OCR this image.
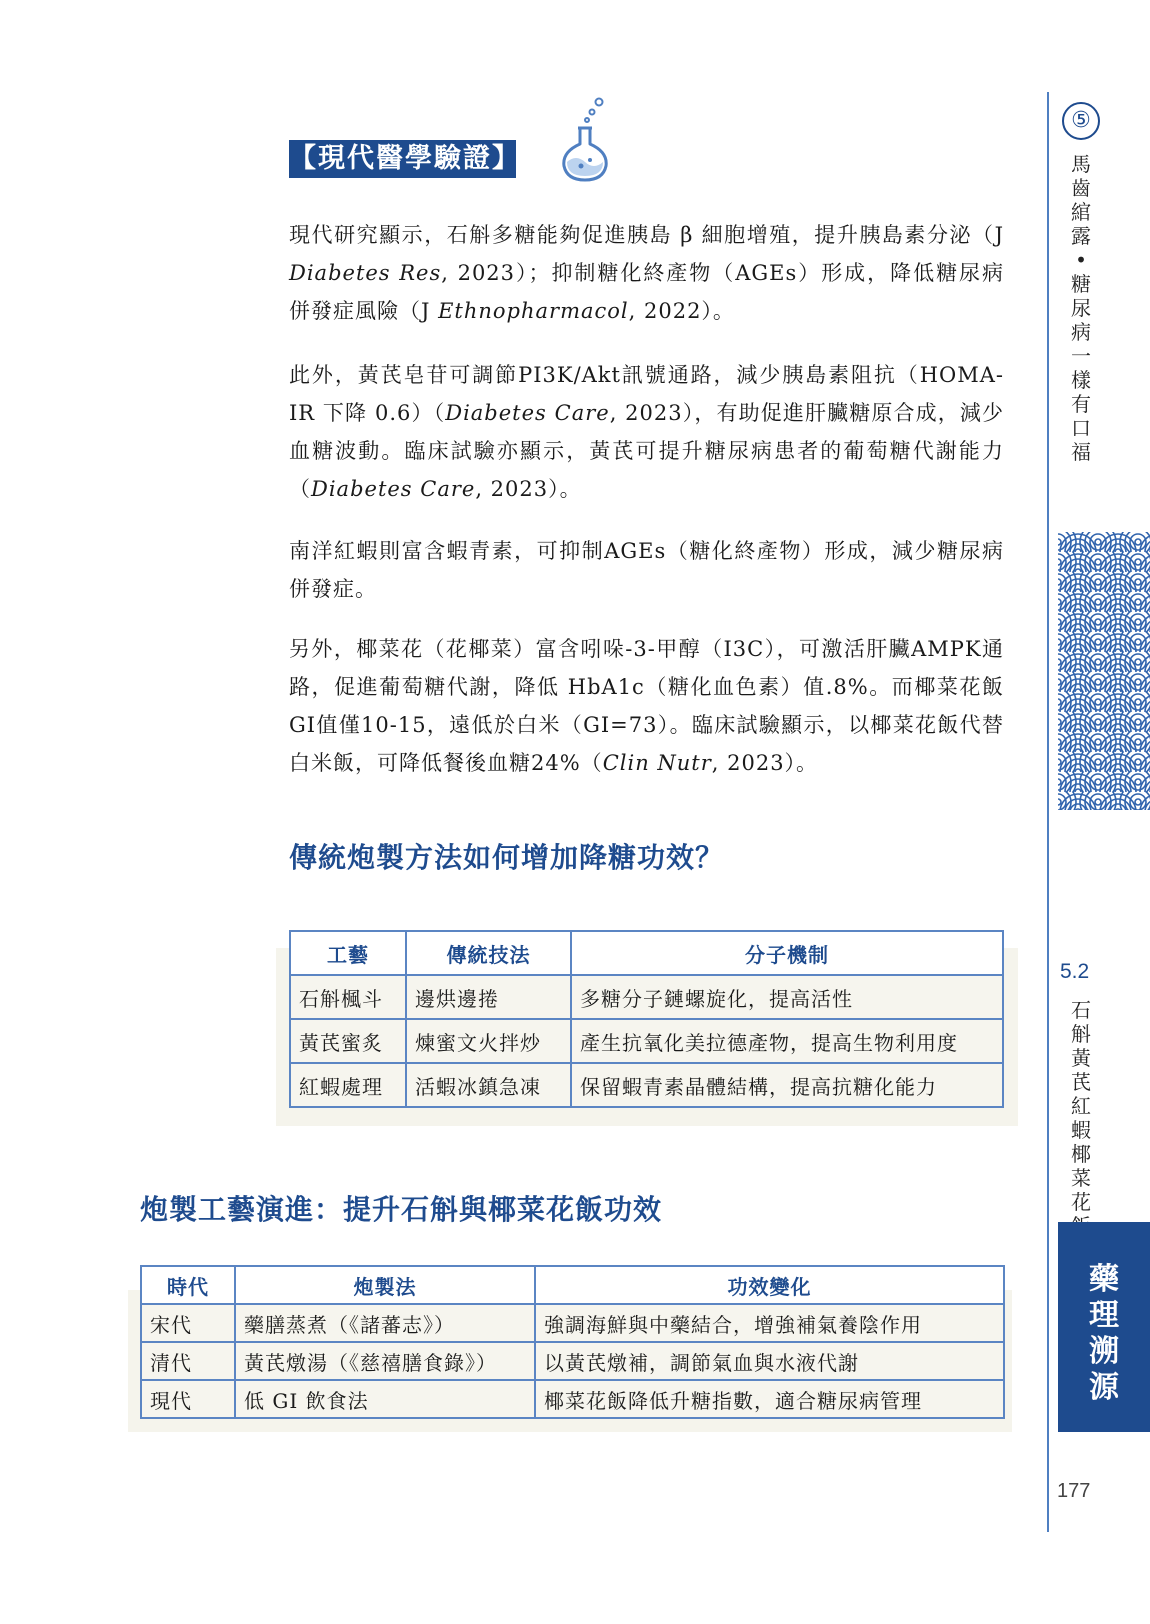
【現代醫學驗證】

現代研究顯示，石斛多糖能夠促進胰島 β 細胞增殖，提升胰島素分泌（J Diabetes Res, 2023）；抑制糖化終產物（AGEs）形成，降低糖尿病併發症風險（J Ethnopharmacol, 2022）。

此外，黃芪皂苷可調節PI3K/Akt訊號通路，減少胰島素阻抗（HOMA-IR 下降 0.6）（Diabetes Care, 2023），有助促進肝臟糖原合成，減少血糖波動。臨床試驗亦顯示，黃芪可提升糖尿病患者的葡萄糖代謝能力（Diabetes Care, 2023）。

南洋紅蝦則富含蝦青素，可抑制AGEs（糖化終產物）形成，減少糖尿病併發症。

另外，椰菜花（花椰菜）富含吲哚-3-甲醇（I3C），可激活肝臟AMPK通路，促進葡萄糖代謝，降低 HbA1c（糖化血色素）值.8%。而椰菜花飯GI值僅10-15，遠低於白米（GI=73）。臨床試驗顯示，以椰菜花飯代替白米飯，可降低餐後血糖24%（Clin Nutr, 2023）。

傳統炮製方法如何增加降糖功效？
工藝	傳統技法	分子機制
石斛楓斗	邊烘邊捲	多糖分子鏈螺旋化，提高活性
黃芪蜜炙	煉蜜文火拌炒	產生抗氧化美拉德產物，提高生物利用度
紅蝦處理	活蝦冰鎮急凍	保留蝦青素晶體結構，提高抗糖化能力
炮製工藝演進：提升石斛與椰菜花飯功效
時代	炮製法	功效變化
宋代	藥膳蒸煮（《諸蕃志》）	強調海鮮與中藥結合，增強補氣養陰作用
清代	黃芪燉湯（《慈禧膳食錄》）	以黃芪燉補，調節氣血與水液代謝
現代	低 GI 飲食法	椰菜花飯降低升糖指數，適合糖尿病管理
⑤
馬
齒
綰
露
•
糖
尿
病
一
樣
有
口
福
5.2
石
斛
黃
芪
紅
蝦
椰
菜
花
藥
理
溯
源
177
